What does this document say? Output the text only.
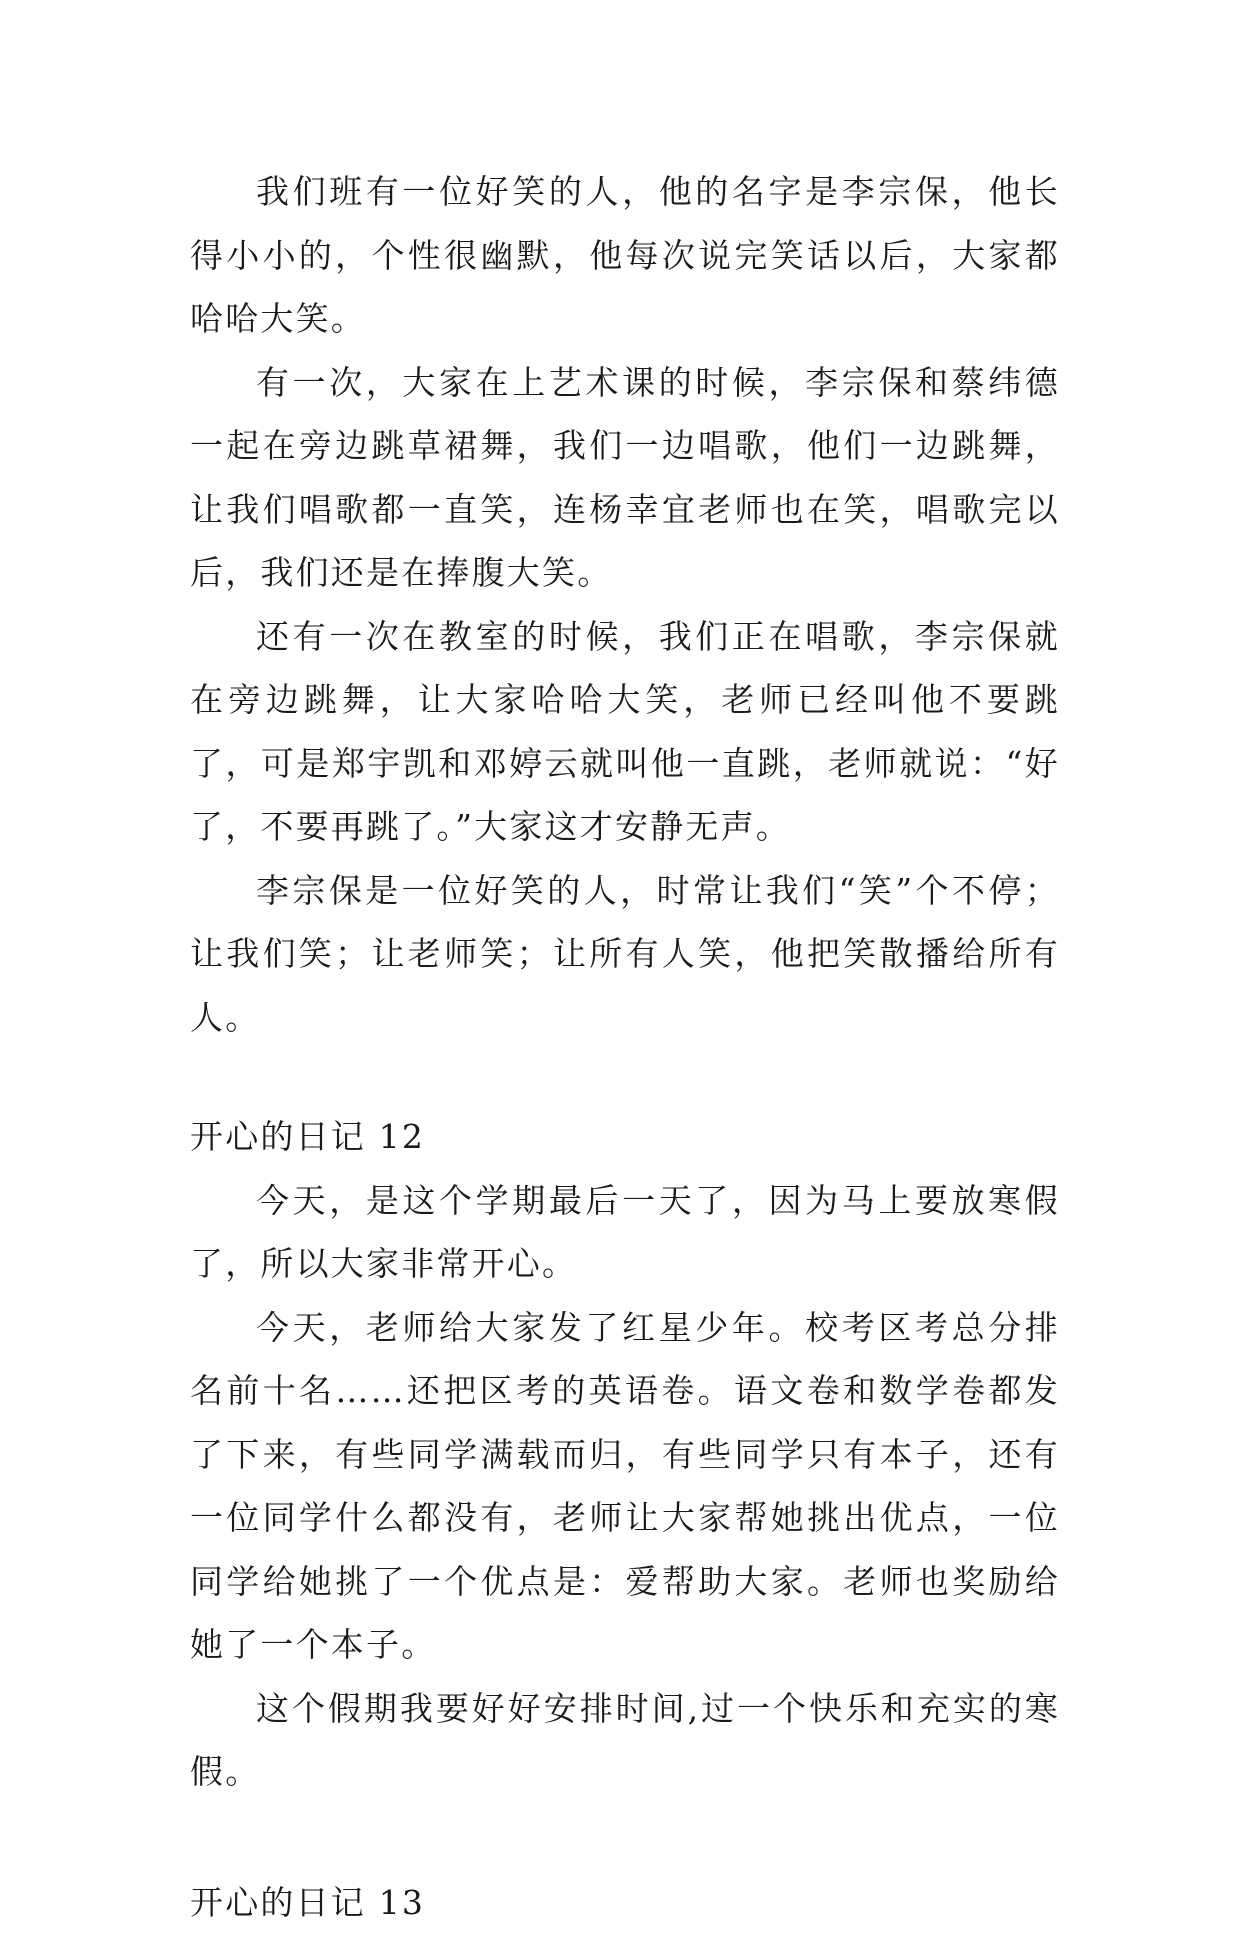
我们班有一位好笑的人，他的名字是李宗保，他长得小小的，个性很幽默，他每次说完笑话以后，大家都哈哈大笑。

有一次，大家在上艺术课的时候，李宗保和蔡纬德一起在旁边跳草裙舞，我们一边唱歌，他们一边跳舞，让我们唱歌都一直笑，连杨幸宜老师也在笑，唱歌完以后，我们还是在捧腹大笑。

还有一次在教室的时候，我们正在唱歌，李宗保就在旁边跳舞，让大家哈哈大笑，老师已经叫他不要跳了，可是郑宇凯和邓婷云就叫他一直跳，老师就说：“好了，不要再跳了。”大家这才安静无声。

李宗保是一位好笑的人，时常让我们“笑”个不停；让我们笑；让老师笑；让所有人笑，他把笑散播给所有人。

开心的日记 12

今天，是这个学期最后一天了，因为马上要放寒假了，所以大家非常开心。

今天，老师给大家发了红星少年。校考区考总分排名前十名……还把区考的英语卷。语文卷和数学卷都发了下来，有些同学满载而归，有些同学只有本子，还有一位同学什么都没有，老师让大家帮她挑出优点，一位同学给她挑了一个优点是：爱帮助大家。老师也奖励给她了一个本子。

这个假期我要好好安排时间,过一个快乐和充实的寒假。

开心的日记 13
